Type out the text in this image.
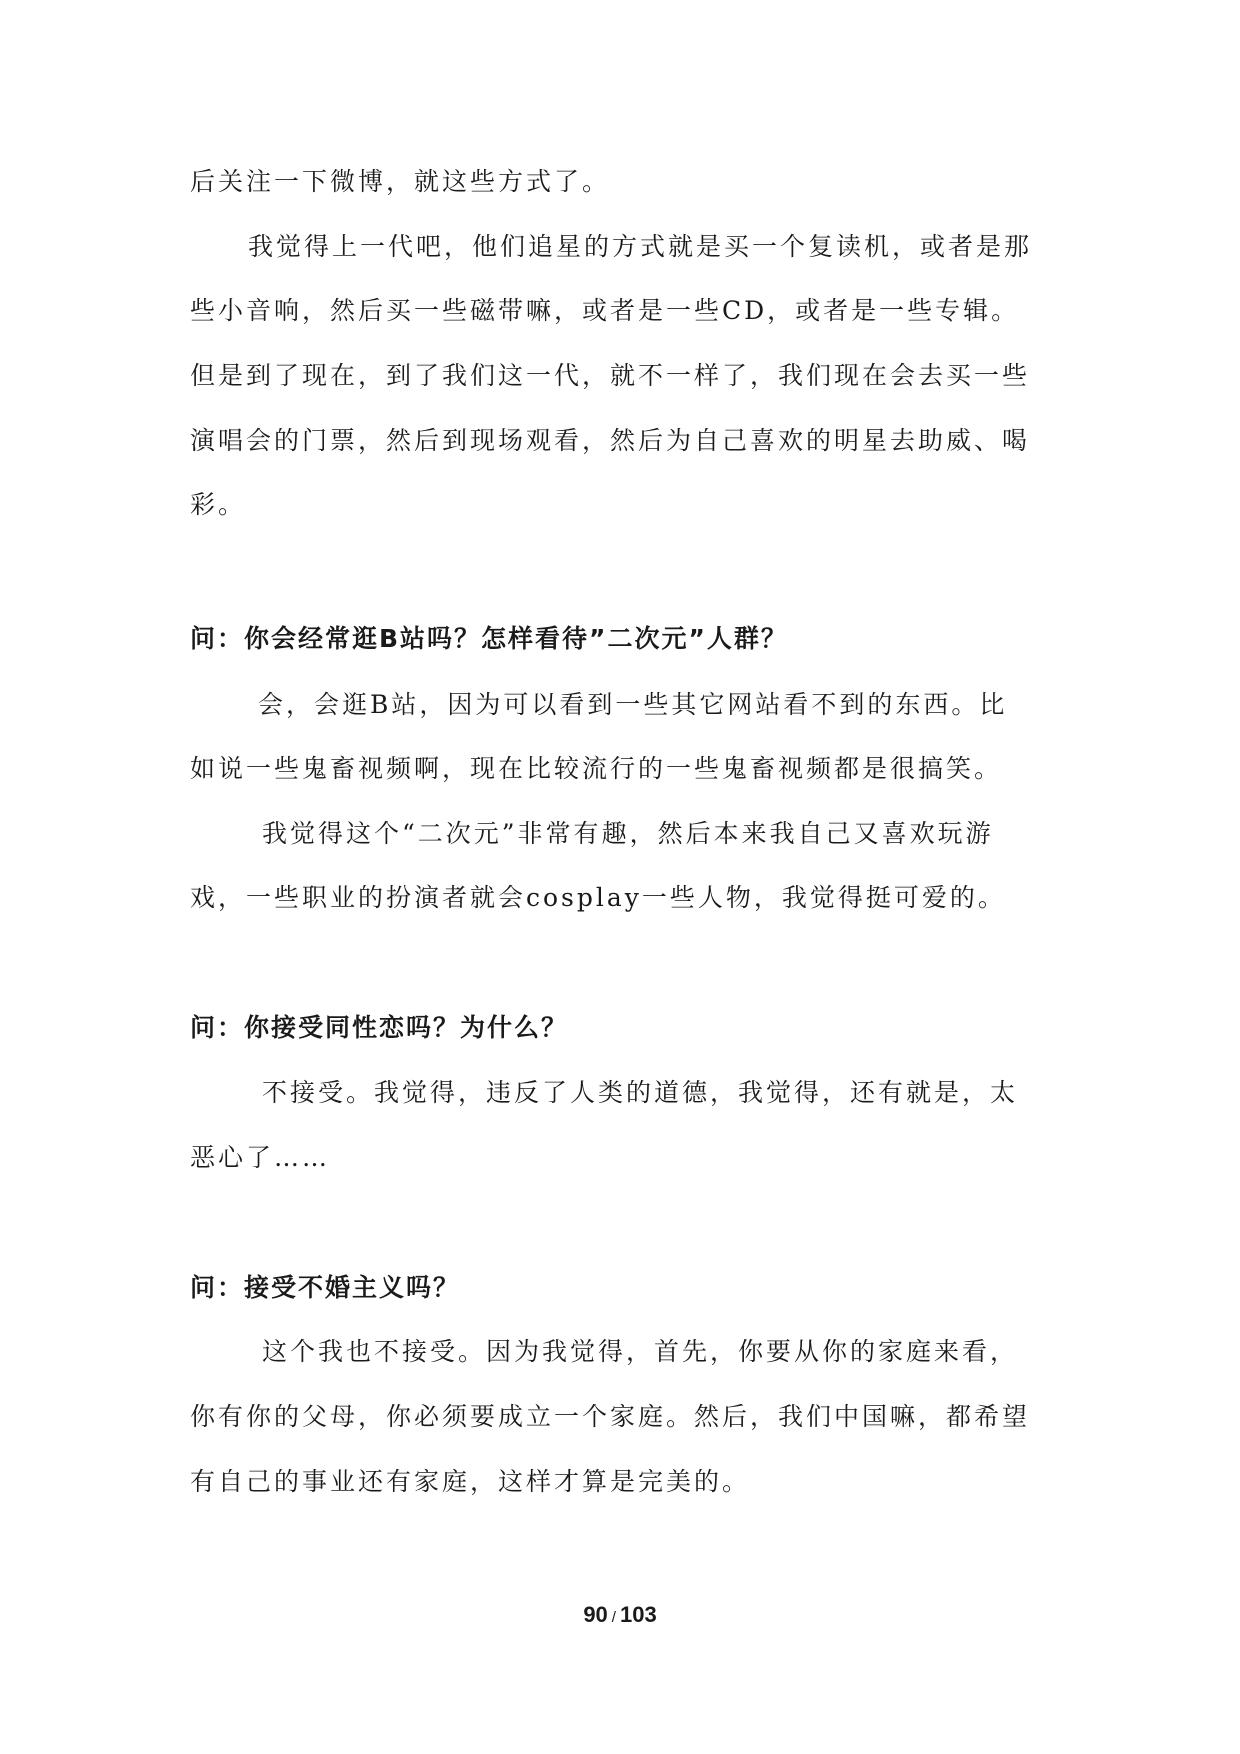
后关注一下微博，就这些方式了。

我觉得上一代吧，他们追星的方式就是买一个复读机，或者是那

些小音响，然后买一些磁带嘛，或者是一些CD，或者是一些专辑。

但是到了现在，到了我们这一代，就不一样了，我们现在会去买一些

演唱会的门票，然后到现场观看，然后为自己喜欢的明星去助威、喝

彩。

问：你会经常逛B站吗？怎样看待”二次元”人群？

会，会逛B站，因为可以看到一些其它网站看不到的东西。比

如说一些鬼畜视频啊，现在比较流行的一些鬼畜视频都是很搞笑。

我觉得这个“二次元”非常有趣，然后本来我自己又喜欢玩游

戏，一些职业的扮演者就会cosplay一些人物，我觉得挺可爱的。

问：你接受同性恋吗？为什么？

不接受。我觉得，违反了人类的道德，我觉得，还有就是，太

恶心了……

问：接受不婚主义吗？

这个我也不接受。因为我觉得，首先，你要从你的家庭来看，

你有你的父母，你必须要成立一个家庭。然后，我们中国嘛，都希望

有自己的事业还有家庭，这样才算是完美的。

90 / 103
